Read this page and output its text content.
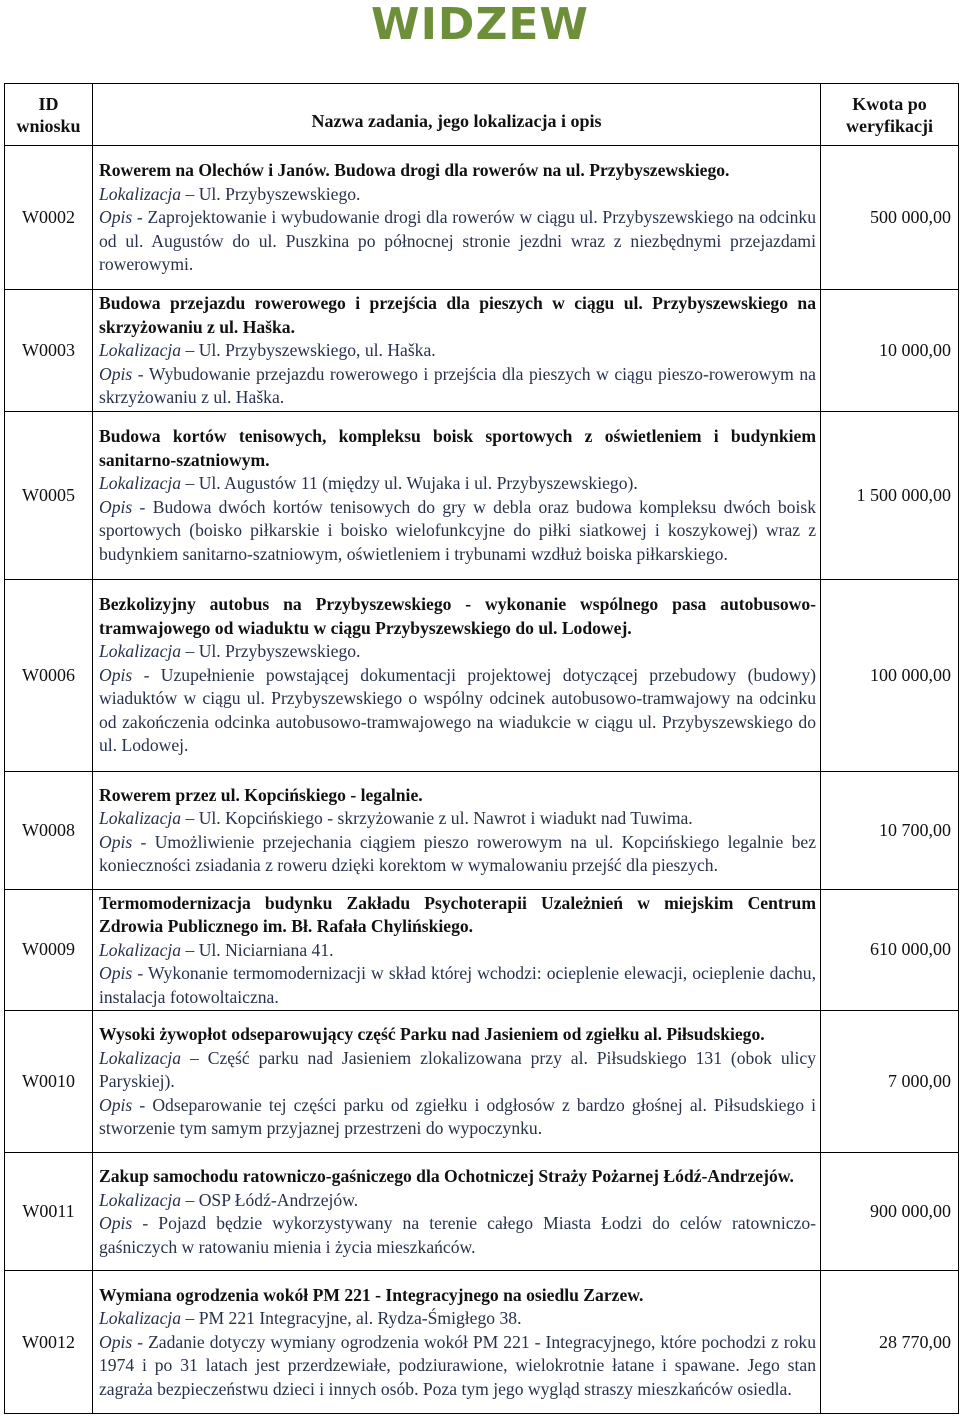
WIDZEW
ID wniosku	Nazwa zadania, jego lokalizacja i opis	Kwota po weryfikacji
W0002	Rowerem na Olechów i Janów. Budowa drogi dla rowerów na ul. Przybyszewskiego.
Lokalizacja – Ul. Przybyszewskiego.
Opis - Zaprojektowanie i wybudowanie drogi dla rowerów w ciągu ul. Przybyszewskiego na odcinku od ul. Augustów do ul. Puszkina po północnej stronie jezdni wraz z niezbędnymi przejazdami rowerowymi.	500 000,00
W0003	Budowa przejazdu rowerowego i przejścia dla pieszych w ciągu ul. Przybyszewskiego na skrzyżowaniu z ul. Haška.
Lokalizacja – Ul. Przybyszewskiego, ul. Haška.
Opis - Wybudowanie przejazdu rowerowego i przejścia dla pieszych w ciągu pieszo-rowerowym na skrzyżowaniu z ul. Haška.	10 000,00
W0005	Budowa kortów tenisowych, kompleksu boisk sportowych z oświetleniem i budynkiem sanitarno-szatniowym.
Lokalizacja – Ul. Augustów 11 (między ul. Wujaka i ul. Przybyszewskiego).
Opis - Budowa dwóch kortów tenisowych do gry w debla oraz budowa kompleksu dwóch boisk sportowych (boisko piłkarskie i boisko wielofunkcyjne do piłki siatkowej i koszykowej) wraz z budynkiem sanitarno-szatniowym, oświetleniem i trybunami wzdłuż boiska piłkarskiego.	1 500 000,00
W0006	Bezkolizyjny autobus na Przybyszewskiego - wykonanie wspólnego pasa autobusowo-tramwajowego od wiaduktu w ciągu Przybyszewskiego do ul. Lodowej.
Lokalizacja – Ul. Przybyszewskiego.
Opis - Uzupełnienie powstającej dokumentacji projektowej dotyczącej przebudowy (budowy) wiaduktów w ciągu ul. Przybyszewskiego o wspólny odcinek autobusowo-tramwajowy na odcinku od zakończenia odcinka autobusowo-tramwajowego na wiadukcie w ciągu ul. Przybyszewskiego do ul. Lodowej.	100 000,00
W0008	Rowerem przez ul. Kopcińskiego - legalnie.
Lokalizacja – Ul. Kopcińskiego - skrzyżowanie z ul. Nawrot i wiadukt nad Tuwima.
Opis - Umożliwienie przejechania ciągiem pieszo rowerowym na ul. Kopcińskiego legalnie bez konieczności zsiadania z roweru dzięki korektom w wymalowaniu przejść dla pieszych.	10 700,00
W0009	Termomodernizacja budynku Zakładu Psychoterapii Uzależnień w miejskim Centrum Zdrowia Publicznego im. Bł. Rafała Chylińskiego.
Lokalizacja – Ul. Niciarniana 41.
Opis - Wykonanie termomodernizacji w skład której wchodzi: ocieplenie elewacji, ocieplenie dachu, instalacja fotowoltaiczna.	610 000,00
W0010	Wysoki żywopłot odseparowujący część Parku nad Jasieniem od zgiełku al. Piłsudskiego.
Lokalizacja – Część parku nad Jasieniem zlokalizowana przy al. Piłsudskiego 131 (obok ulicy Paryskiej).
Opis - Odseparowanie tej części parku od zgiełku i odgłosów z bardzo głośnej al. Piłsudskiego i stworzenie tym samym przyjaznej przestrzeni do wypoczynku.	7 000,00
W0011	Zakup samochodu ratowniczo-gaśniczego dla Ochotniczej Straży Pożarnej Łódź-Andrzejów.
Lokalizacja – OSP Łódź-Andrzejów.
Opis - Pojazd będzie wykorzystywany na terenie całego Miasta Łodzi do celów ratowniczo-gaśniczych w ratowaniu mienia i życia mieszkańców.	900 000,00
W0012	Wymiana ogrodzenia wokół PM 221 - Integracyjnego na osiedlu Zarzew.
Lokalizacja – PM 221 Integracyjne, al. Rydza-Śmigłego 38.
Opis - Zadanie dotyczy wymiany ogrodzenia wokół PM 221 - Integracyjnego, które pochodzi z roku 1974 i po 31 latach jest przerdzewiałe, podziurawione, wielokrotnie łatane i spawane. Jego stan zagraża bezpieczeństwu dzieci i innych osób. Poza tym jego wygląd straszy mieszkańców osiedla.	28 770,00
